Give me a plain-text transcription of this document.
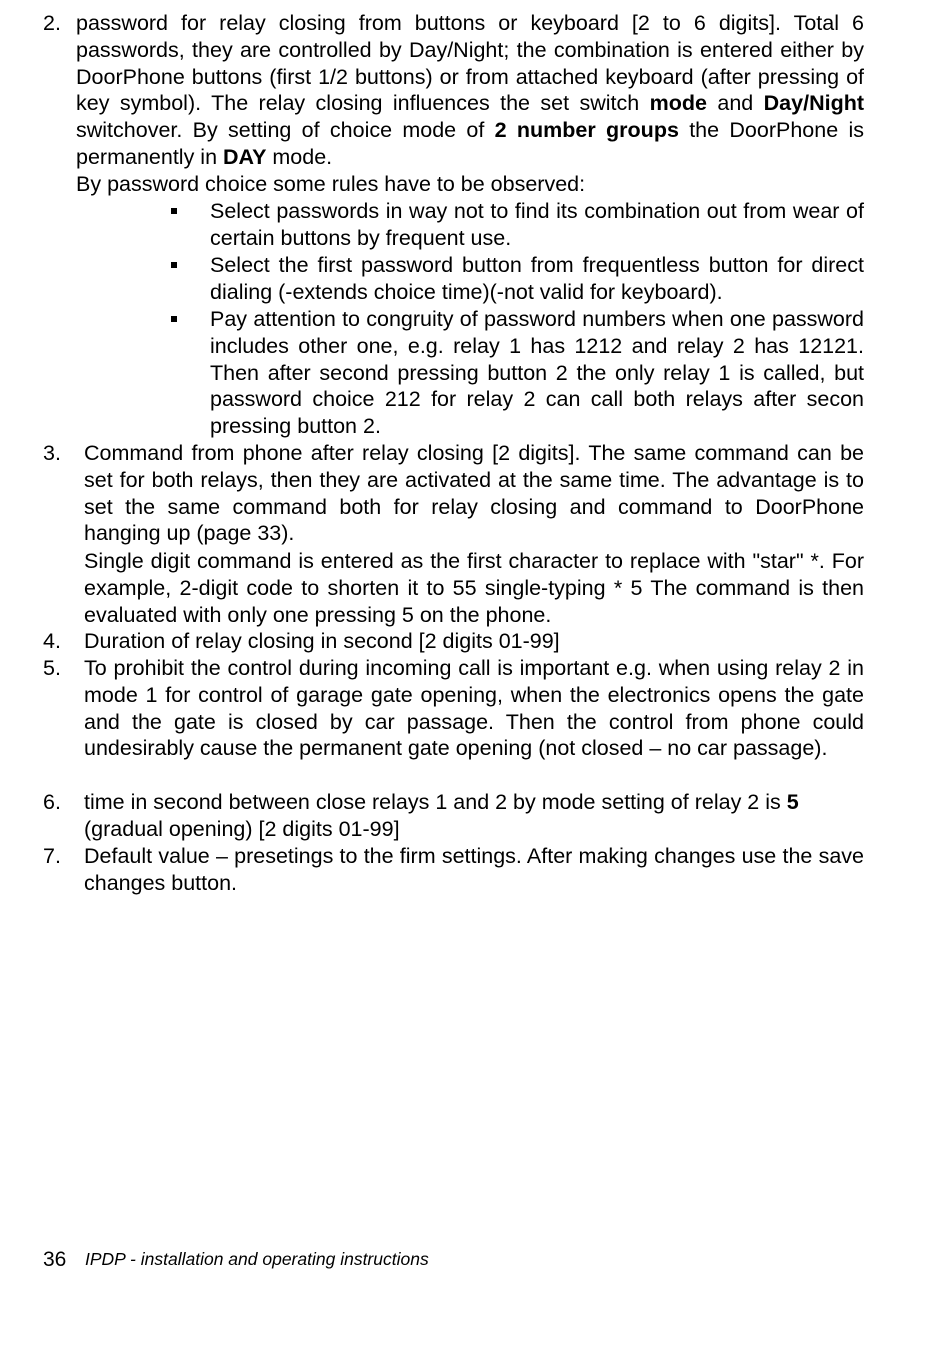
2. password for relay closing from buttons or keyboard [2 to 6 digits]. Total 6 passwords, they are controlled by Day/Night; the combination is entered either by DoorPhone buttons (first 1/2 buttons) or from attached keyboard (after pressing of key symbol). The relay closing influences the set switch mode and Day/Night switchover. By setting of choice mode of 2 number groups the DoorPhone is permanently in DAY mode.

By password choice some rules have to be observed:

Select passwords in way not to find its combination out from wear of certain buttons by frequent use.

Select the first password button from frequentless button for direct dialing (-extends choice time)(-not valid for keyboard).

Pay attention to congruity of password numbers when one password includes other one, e.g. relay 1 has 1212 and relay 2 has 12121. Then after second pressing button 2 the only relay 1 is called, but password choice 212 for relay 2 can call both relays after secon pressing button 2.

3. Command from phone after relay closing [2 digits]. The same command can be set for both relays, then they are activated at the same time. The advantage is to set the same command both for relay closing and command to DoorPhone hanging up (page 33).

Single digit command is entered as the first character to replace with "star" *. For example, 2-digit code to shorten it to 55 single-typing * 5 The command is then evaluated with only one pressing 5 on the phone.

4. Duration of relay closing in second [2 digits 01-99]

5. To prohibit the control during incoming call is important e.g. when using relay 2 in mode 1 for control of garage gate opening, when the electronics opens the gate and the gate is closed by car passage. Then the control from phone could undesirably cause the permanent gate opening (not closed – no car passage).

6. time in second between close relays 1 and 2 by mode setting of relay 2 is 5
(gradual opening) [2 digits 01-99]

7. Default value – presetings to the firm settings. After making changes use the save changes button.

36 IPDP - installation and operating instructions
